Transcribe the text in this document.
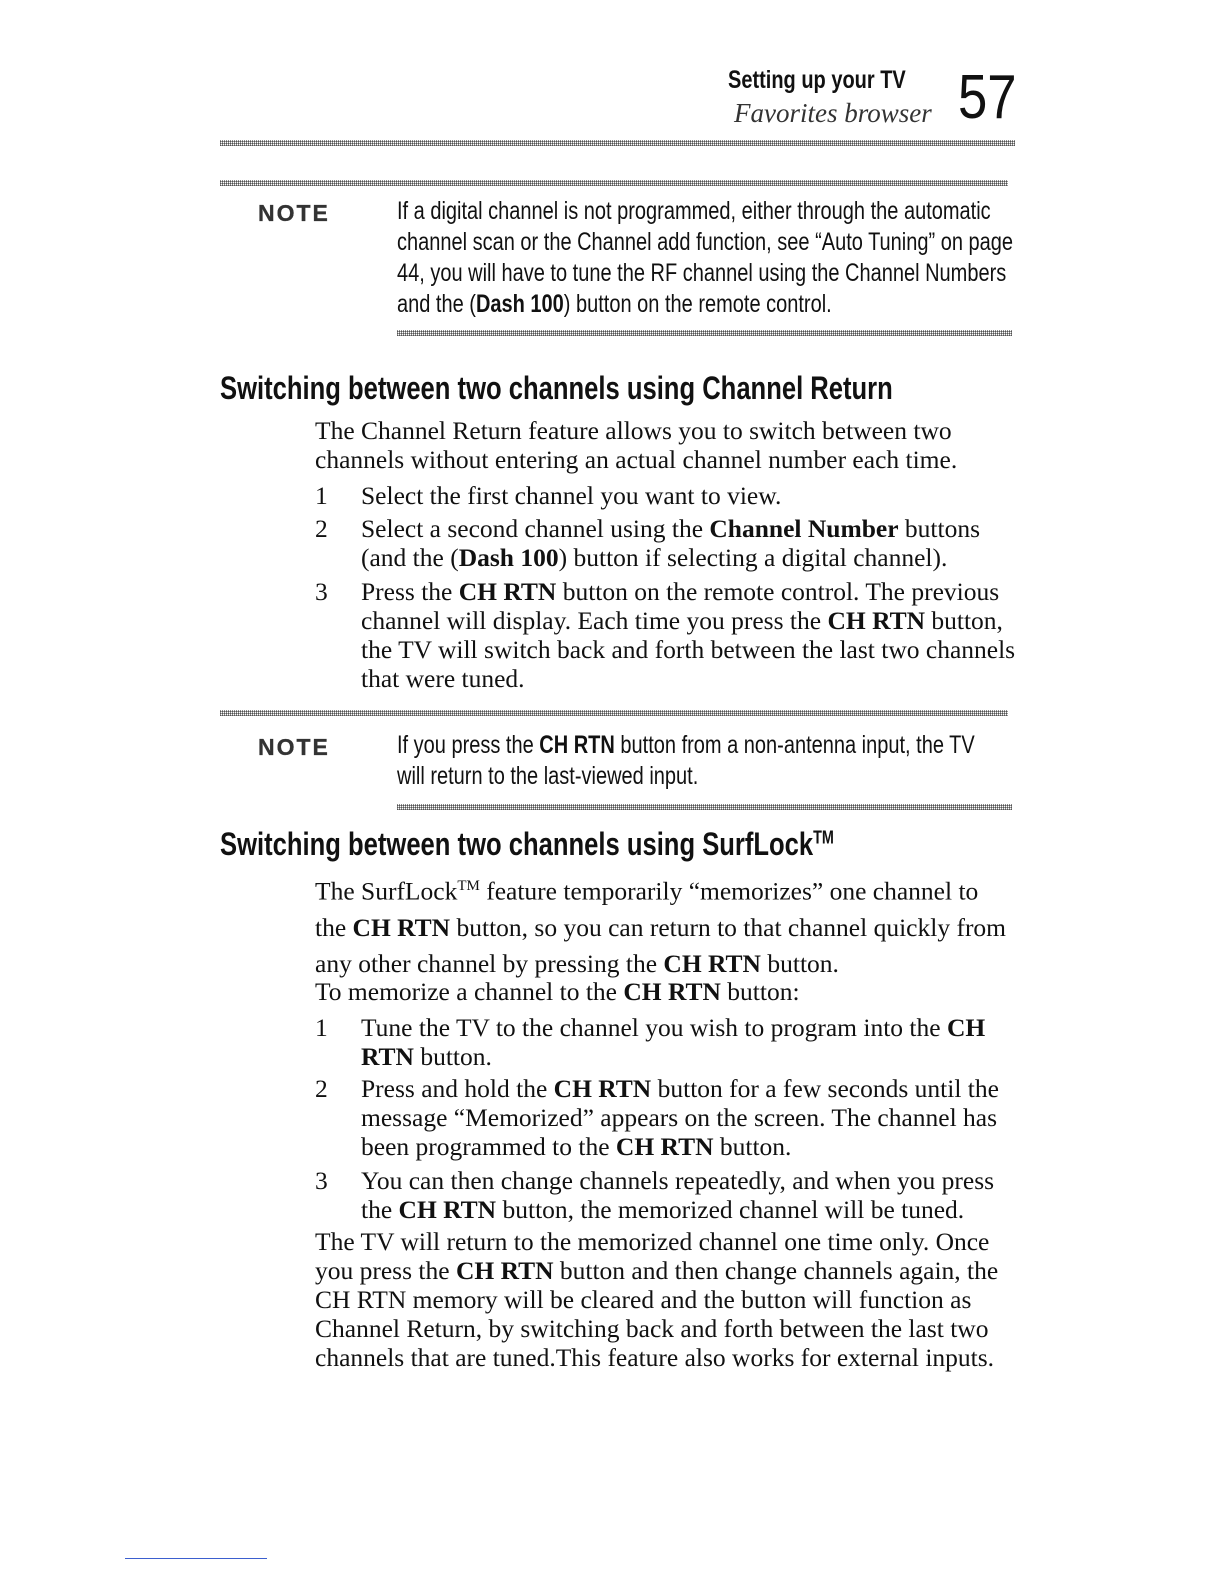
Setting up your TV
Favorites browser 57
NOTE	If a digital channel is not programmed, either through the automatic
channel scan or the Channel add function, see “Auto Tuning” on page
44, you will have to tune the RF channel using the Channel Numbers
and the (Dash 100) button on the remote control.
Switching between two channels using Channel Return
The Channel Return feature allows you to switch between two channels without entering an actual channel number each time.
1 Select the first channel you want to view.
2 Select a second channel using the Channel Number buttons (and the (Dash 100) button if selecting a digital channel).
3 Press the CH RTN button on the remote control. The previous channel will display. Each time you press the CH RTN button, the TV will switch back and forth between the last two channels that were tuned.
NOTE	If you press the CH RTN button from a non-antenna input, the TV
will return to the last-viewed input.
Switching between two channels using SurfLock™
The SurfLock™ feature temporarily “memorizes” one channel to the CH RTN button, so you can return to that channel quickly from any other channel by pressing the CH RTN button.
To memorize a channel to the CH RTN button:
1 Tune the TV to the channel you wish to program into the CH RTN button.
2 Press and hold the CH RTN button for a few seconds until the message “Memorized” appears on the screen. The channel has been programmed to the CH RTN button.
3 You can then change channels repeatedly, and when you press the CH RTN button, the memorized channel will be tuned.
The TV will return to the memorized channel one time only. Once you press the CH RTN button and then change channels again, the CH RTN memory will be cleared and the button will function as Channel Return, by switching back and forth between the last two channels that are tuned.This feature also works for external inputs.
